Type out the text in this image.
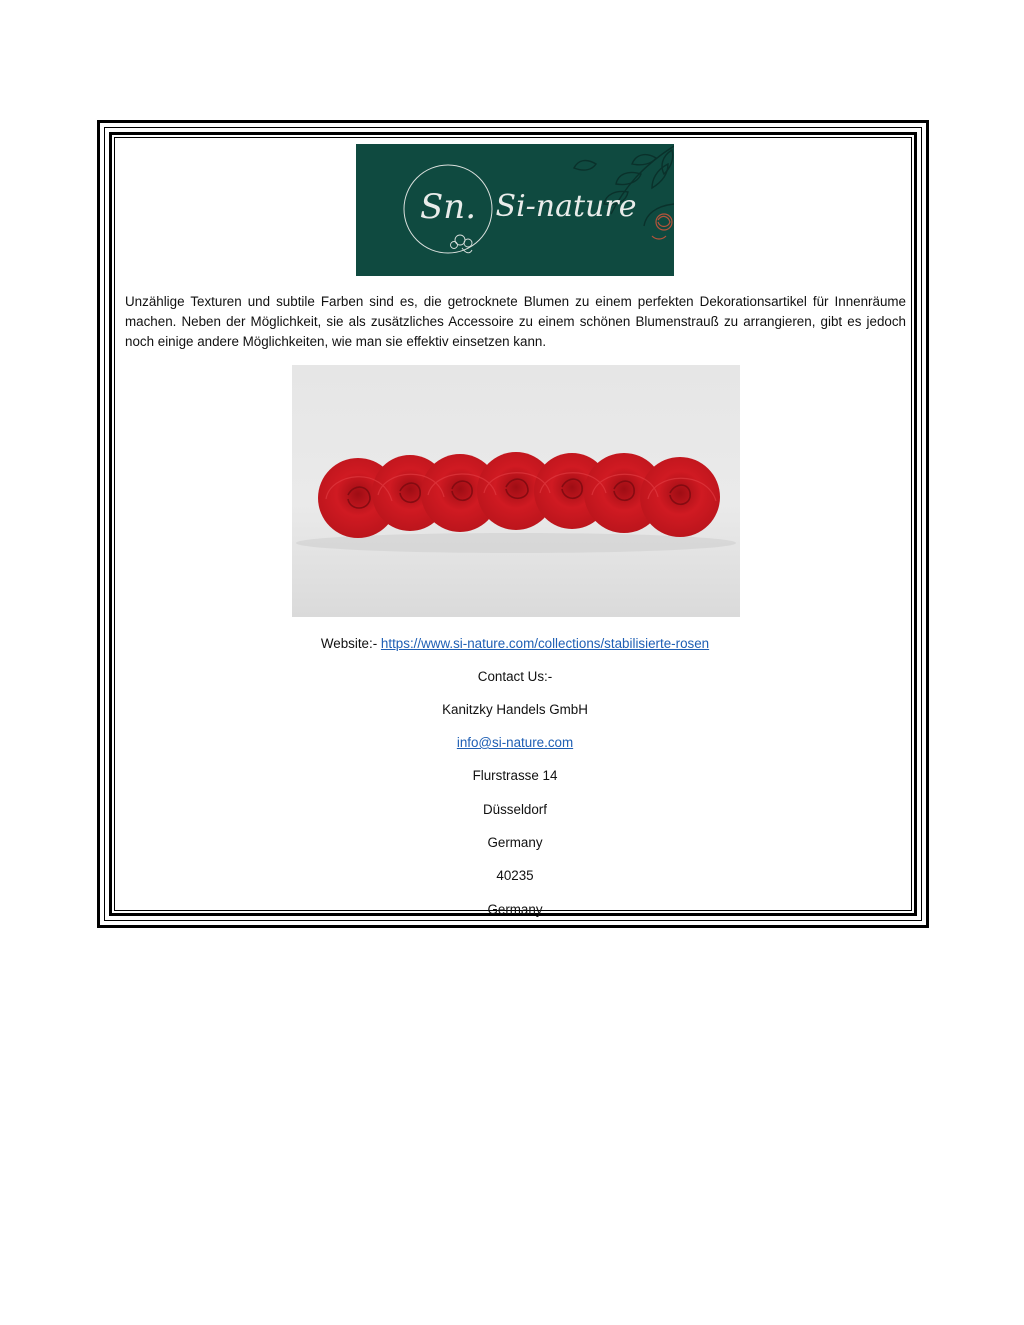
Sn. Si-nature

Unzählige Texturen und subtile Farben sind es, die getrocknete Blumen zu einem perfekten Dekorationsartikel für Innenräume machen. Neben der Möglichkeit, sie als zusätzliches Accessoire zu einem schönen Blumenstrauß zu arrangieren, gibt es jedoch noch einige andere Möglichkeiten, wie man sie effektiv einsetzen kann.

Website:- https://www.si-nature.com/collections/stabilisierte-rosen

Contact Us:-

Kanitzky Handels GmbH

info@si-nature.com

Flurstrasse 14

Düsseldorf

Germany

40235

Germany
